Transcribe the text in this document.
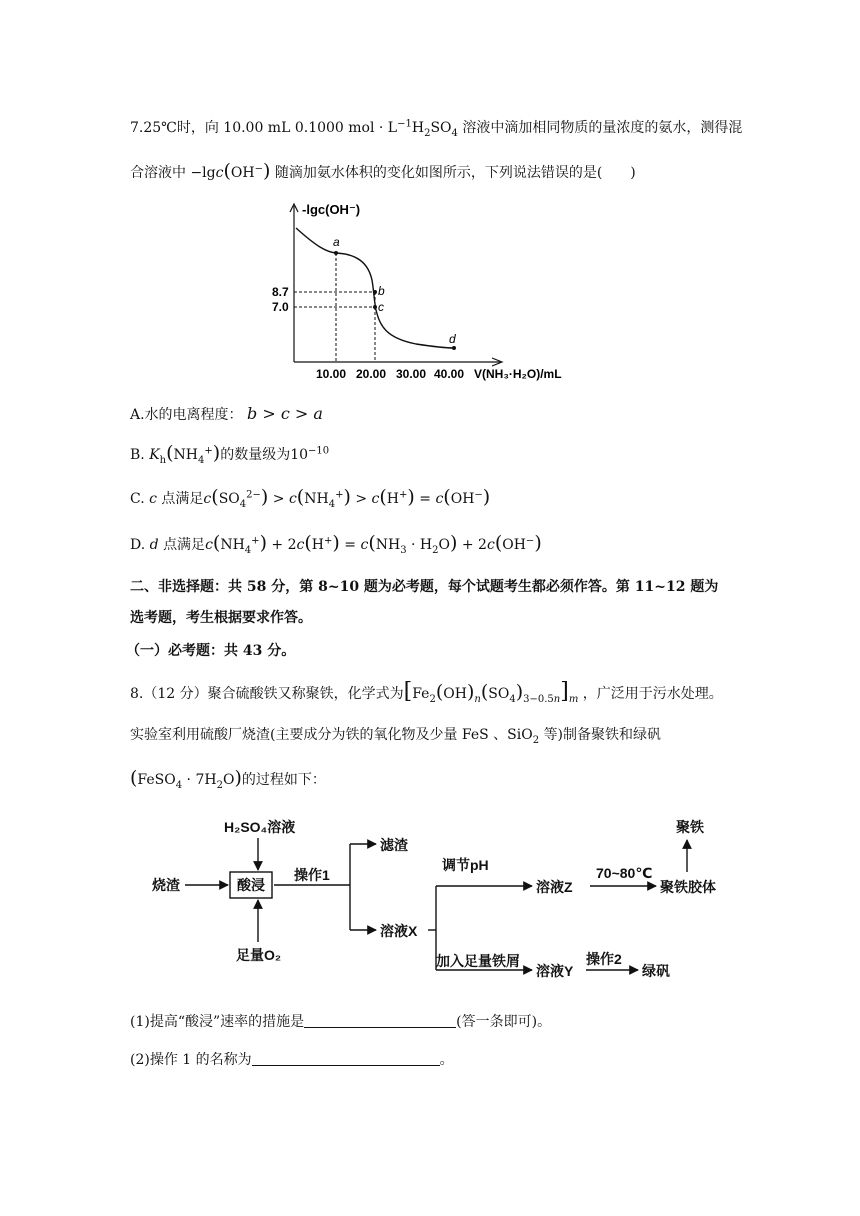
7.25℃时，向 10.00 mL 0.1000 mol · $L^{-1}H_2SO_4$ 溶液中滴加相同物质的量浓度的氨水，测得混
合溶液中 −lgc(OH−) 随滴加氨水体积的变化如图所示，下列说法错误的是(　　)
-lgc(OH⁻)
a
b
c
d
8.7
7.0
10.00 20.00 30.00 40.00 V(NH₃·H₂O)/mL
A.水的电离程度： b > c > a
B. $K_h(NH_4^+)$的数量级为$10^{-10}$
C. c 点满足$c(SO_4^{2-}) > c(NH_4^+) > c(H^+) = c(OH^-)$
D. d 点满足$c(NH_4^+) + 2c(H^+) = c(NH_3 \cdot H_2O) + 2c(OH^-)$
二、非选择题：共 58 分，第 8~10 题为必考题，每个试题考生都必须作答。第 11~12 题为
选考题，考生根据要求作答。
（一）必考题：共 43 分。
8.（12 分）聚合硫酸铁又称聚铁，化学式为$[Fe_2(OH)_n(SO_4)_{3-0.5n}]_m$ ，广泛用于污水处理。
实验室利用硫酸厂烧渣(主要成分为铁的氧化物及少量 FeS 、SiO$_2$ 等)制备聚铁和绿矾
(FeSO$_4$ · $7H_2O$)的过程如下：
H₂SO₄溶液
烧渣	酸浸
足量O₂
操作1
滤渣
溶液X
调节pH
溶液Z
70~80℃
聚铁胶体
聚铁
加入足量铁屑
溶液Y
操作2
绿矾
(1)提高“酸浸”速率的措施是	(答一条即可)。
(2)操作 1 的名称为	。
